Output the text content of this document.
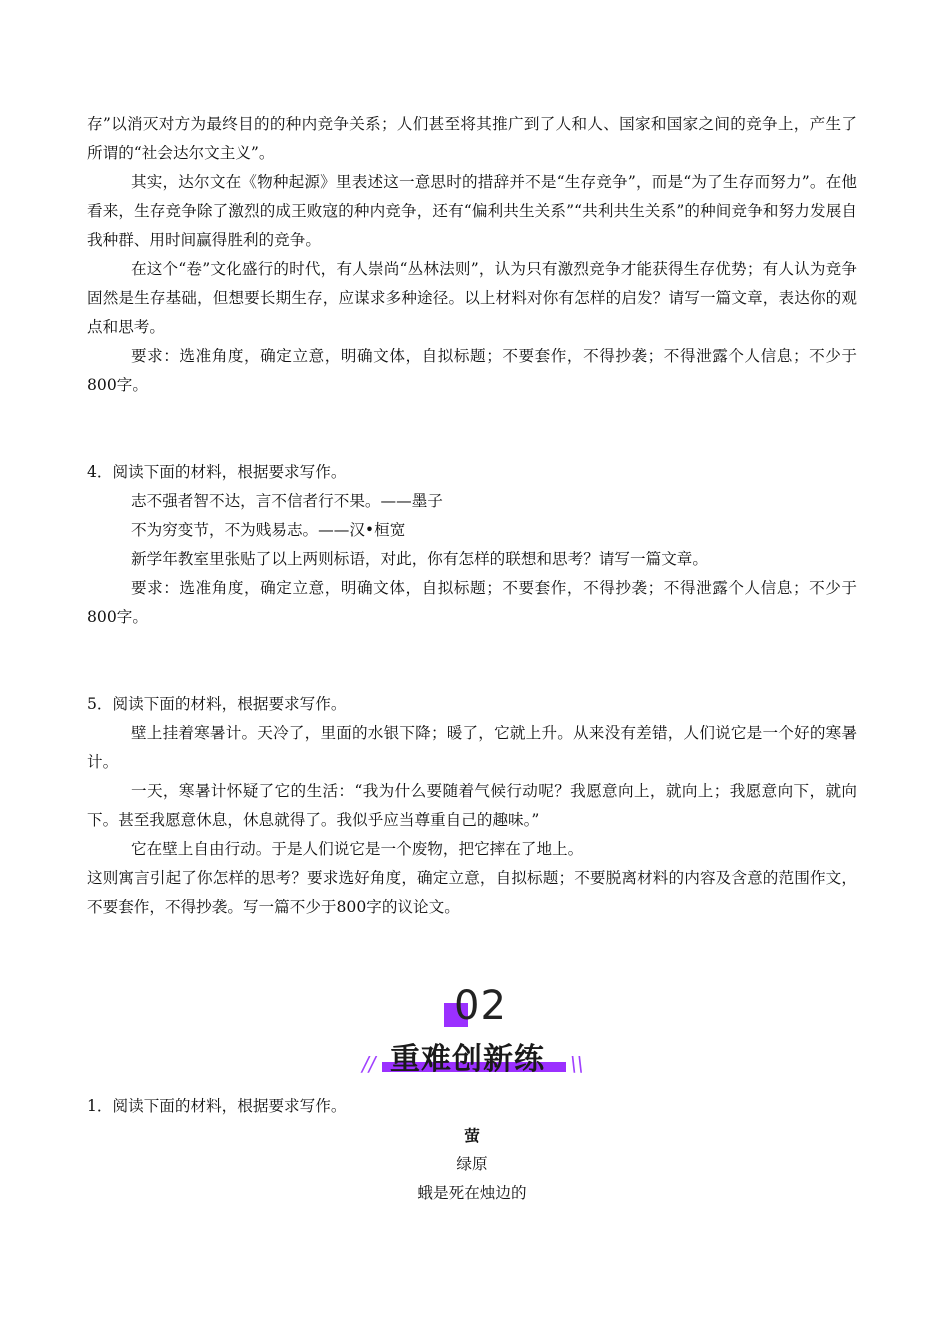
存”以消灭对方为最终目的的种内竞争关系；人们甚至将其推广到了人和人、国家和国家之间的竞争上，产生了所谓的“社会达尔文主义”。

其实，达尔文在《物种起源》里表述这一意思时的措辞并不是“生存竞争”，而是“为了生存而努力”。在他看来，生存竞争除了激烈的成王败寇的种内竞争，还有“偏利共生关系”“共利共生关系”的种间竞争和努力发展自我种群、用时间赢得胜利的竞争。

在这个“卷”文化盛行的时代，有人崇尚“丛林法则”，认为只有激烈竞争才能获得生存优势；有人认为竞争固然是生存基础，但想要长期生存，应谋求多种途径。以上材料对你有怎样的启发？请写一篇文章，表达你的观点和思考。

要求：选准角度，确定立意，明确文体，自拟标题；不要套作，不得抄袭；不得泄露个人信息；不少于800字。

4．阅读下面的材料，根据要求写作。

志不强者智不达，言不信者行不果。——墨子

不为穷变节，不为贱易志。——汉•桓宽

新学年教室里张贴了以上两则标语，对此，你有怎样的联想和思考？请写一篇文章。

要求：选准角度，确定立意，明确文体，自拟标题；不要套作，不得抄袭；不得泄露个人信息；不少于800字。

5．阅读下面的材料，根据要求写作。

壁上挂着寒暑计。天冷了，里面的水银下降；暖了，它就上升。从来没有差错，人们说它是一个好的寒暑计。

一天，寒暑计怀疑了它的生活：“我为什么要随着气候行动呢？我愿意向上，就向上；我愿意向下，就向下。甚至我愿意休息，休息就得了。我似乎应当尊重自己的趣味。”

它在壁上自由行动。于是人们说它是一个废物，把它摔在了地上。

这则寓言引起了你怎样的思考？要求选好角度，确定立意，自拟标题；不要脱离材料的内容及含意的范围作文，不要套作，不得抄袭。写一篇不少于800字的议论文。

02
重难创新练
//	\\

1．阅读下面的材料，根据要求写作。

萤

绿原

蛾是死在烛边的
